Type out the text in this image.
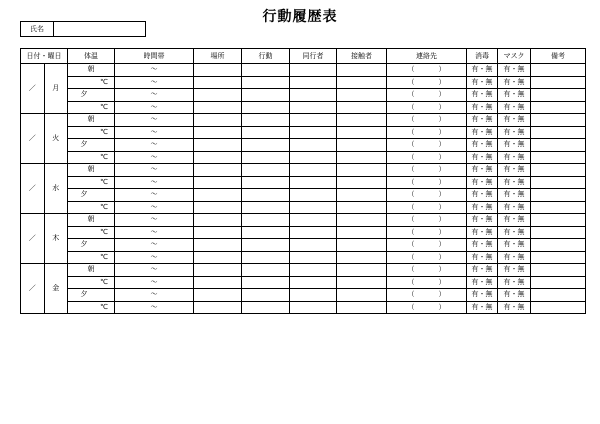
行動履歴表
氏名
日付・曜日		体温	時間帯	場所	行動	同行者	接触者	連絡先	消毒	マスク	備考
／	月	朝	～					（ ）	有・無	有・無	

		℃	～					（ ）	有・無	有・無	

		夕	～					（ ）	有・無	有・無	

		℃	～					（ ）	有・無	有・無	
／	火	朝	～					（ ）	有・無	有・無	

		℃	～					（ ）	有・無	有・無	

		夕	～					（ ）	有・無	有・無	

		℃	～					（ ）	有・無	有・無	
／	水	朝	～					（ ）	有・無	有・無	

		℃	～					（ ）	有・無	有・無	

		夕	～					（ ）	有・無	有・無	

		℃	～					（ ）	有・無	有・無	
／	木	朝	～					（ ）	有・無	有・無	

		℃	～					（ ）	有・無	有・無	

		夕	～					（ ）	有・無	有・無	

		℃	～					（ ）	有・無	有・無	
／	金	朝	～					（ ）	有・無	有・無	

		℃	～					（ ）	有・無	有・無	

		夕	～					（ ）	有・無	有・無	

		℃	～					（ ）	有・無	有・無	
